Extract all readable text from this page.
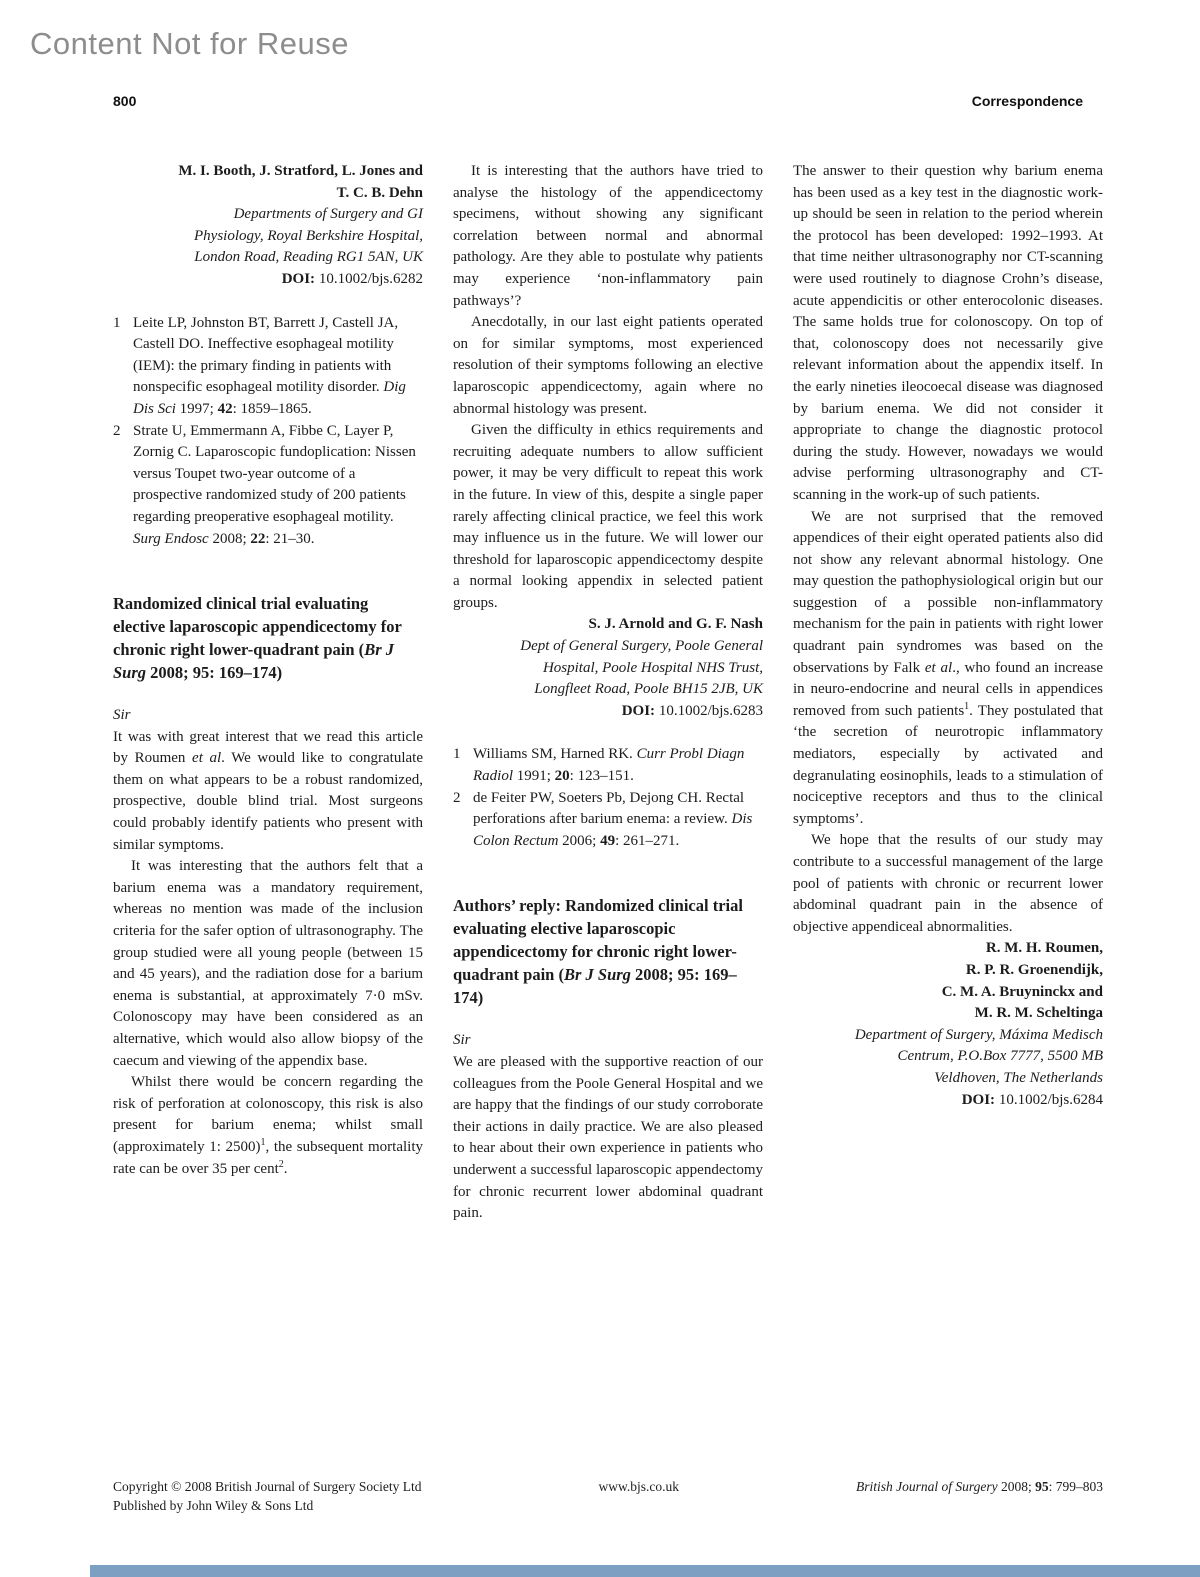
Content Not for Reuse
800	Correspondence
M. I. Booth, J. Stratford, L. Jones and
T. C. B. Dehn
Departments of Surgery and GI
Physiology, Royal Berkshire Hospital,
London Road, Reading RG1 5AN, UK
DOI: 10.1002/bjs.6282
1 Leite LP, Johnston BT, Barrett J, Castell JA, Castell DO. Ineffective esophageal motility (IEM): the primary finding in patients with nonspecific esophageal motility disorder. Dig Dis Sci 1997; 42: 1859–1865.
2 Strate U, Emmermann A, Fibbe C, Layer P, Zornig C. Laparoscopic fundoplication: Nissen versus Toupet two-year outcome of a prospective randomized study of 200 patients regarding preoperative esophageal motility. Surg Endosc 2008; 22: 21–30.
Randomized clinical trial evaluating elective laparoscopic appendicectomy for chronic right lower-quadrant pain (Br J Surg 2008; 95: 169–174)
Sir
It was with great interest that we read this article by Roumen et al. We would like to congratulate them on what appears to be a robust randomized, prospective, double blind trial. Most surgeons could probably identify patients who present with similar symptoms.
It was interesting that the authors felt that a barium enema was a mandatory requirement, whereas no mention was made of the inclusion criteria for the safer option of ultrasonography. The group studied were all young people (between 15 and 45 years), and the radiation dose for a barium enema is substantial, at approximately 7·0 mSv. Colonoscopy may have been considered as an alternative, which would also allow biopsy of the caecum and viewing of the appendix base.
Whilst there would be concern regarding the risk of perforation at colonoscopy, this risk is also present for barium enema; whilst small (approximately 1: 2500)$^1$, the subsequent mortality rate can be over 35 per cent$^2$.
It is interesting that the authors have tried to analyse the histology of the appendicectomy specimens, without showing any significant correlation between normal and abnormal pathology. Are they able to postulate why patients may experience ‘non-inflammatory pain pathways’?
Anecdotally, in our last eight patients operated on for similar symptoms, most experienced resolution of their symptoms following an elective laparoscopic appendicectomy, again where no abnormal histology was present.
Given the difficulty in ethics requirements and recruiting adequate numbers to allow sufficient power, it may be very difficult to repeat this work in the future. In view of this, despite a single paper rarely affecting clinical practice, we feel this work may influence us in the future. We will lower our threshold for laparoscopic appendicectomy despite a normal looking appendix in selected patient groups.
S. J. Arnold and G. F. Nash
Dept of General Surgery, Poole General
Hospital, Poole Hospital NHS Trust,
Longfleet Road, Poole BH15 2JB, UK
DOI: 10.1002/bjs.6283
1 Williams SM, Harned RK. Curr Probl Diagn Radiol 1991; 20: 123–151.
2 de Feiter PW, Soeters Pb, Dejong CH. Rectal perforations after barium enema: a review. Dis Colon Rectum 2006; 49: 261–271.
Authors’ reply: Randomized clinical trial evaluating elective laparoscopic appendicectomy for chronic right lower-quadrant pain (Br J Surg 2008; 95: 169–174)
Sir
We are pleased with the supportive reaction of our colleagues from the Poole General Hospital and we are happy that the findings of our study corroborate their actions in daily practice. We are also pleased to hear about their own experience in patients who underwent a successful laparoscopic appendectomy for chronic recurrent lower abdominal quadrant pain.
The answer to their question why barium enema has been used as a key test in the diagnostic work-up should be seen in relation to the period wherein the protocol has been developed: 1992–1993. At that time neither ultrasonography nor CT-scanning were used routinely to diagnose Crohn’s disease, acute appendicitis or other enterocolonic diseases. The same holds true for colonoscopy. On top of that, colonoscopy does not necessarily give relevant information about the appendix itself. In the early nineties ileocoecal disease was diagnosed by barium enema. We did not consider it appropriate to change the diagnostic protocol during the study. However, nowadays we would advise performing ultrasonography and CT-scanning in the work-up of such patients.
We are not surprised that the removed appendices of their eight operated patients also did not show any relevant abnormal histology. One may question the pathophysiological origin but our suggestion of a possible non-inflammatory mechanism for the pain in patients with right lower quadrant pain syndromes was based on the observations by Falk et al., who found an increase in neuro-endocrine and neural cells in appendices removed from such patients$^1$. They postulated that ‘the secretion of neurotropic inflammatory mediators, especially by activated and degranulating eosinophils, leads to a stimulation of nociceptive receptors and thus to the clinical symptoms’.
We hope that the results of our study may contribute to a successful management of the large pool of patients with chronic or recurrent lower abdominal quadrant pain in the absence of objective appendiceal abnormalities.
R. M. H. Roumen,
R. P. R. Groenendijk,
C. M. A. Bruyninckx and
M. R. M. Scheltinga
Department of Surgery, Máxima Medisch
Centrum, P.O.Box 7777, 5500 MB
Veldhoven, The Netherlands
DOI: 10.1002/bjs.6284
Copyright © 2008 British Journal of Surgery Society Ltd
Published by John Wiley & Sons Ltd
www.bjs.co.uk	British Journal of Surgery 2008; 95: 799–803
